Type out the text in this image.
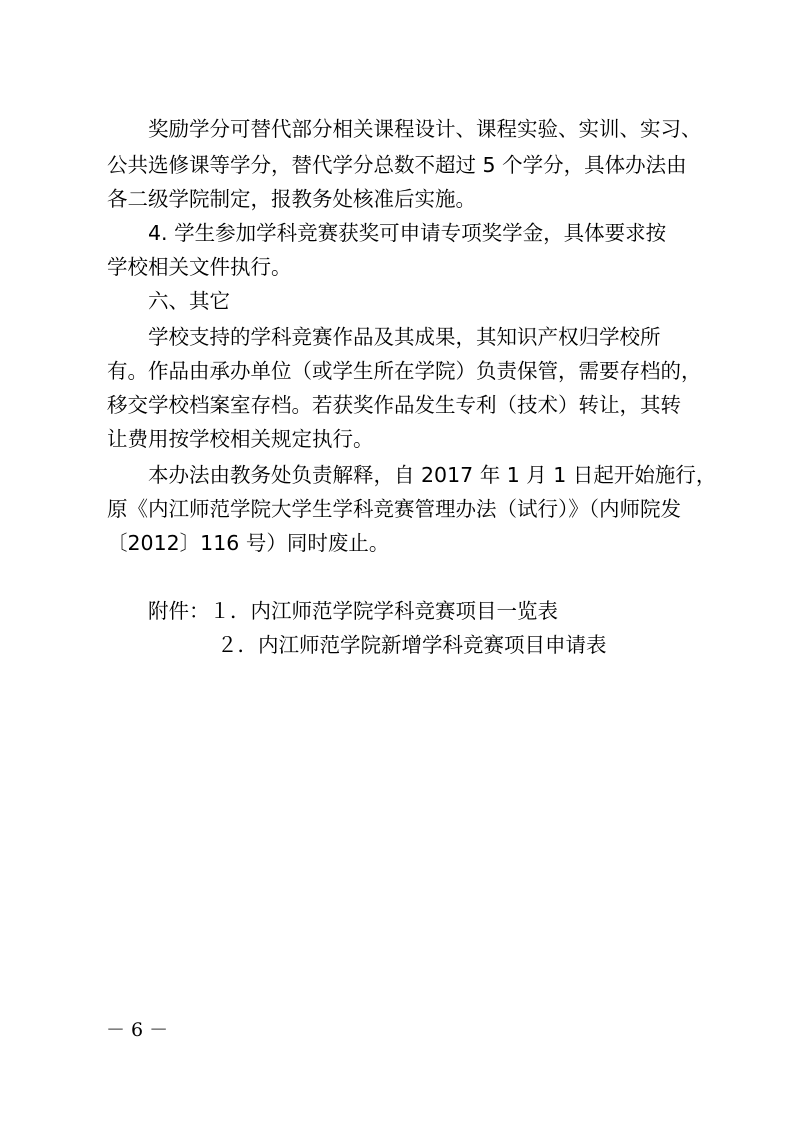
奖励学分可替代部分相关课程设计、课程实验、实训、实习、
公共选修课等学分，替代学分总数不超过 5 个学分，具体办法由
各二级学院制定，报教务处核准后实施。
4. 学生参加学科竞赛获奖可申请专项奖学金，具体要求按
学校相关文件执行。
六、其它
学校支持的学科竞赛作品及其成果，其知识产权归学校所
有。作品由承办单位（或学生所在学院）负责保管，需要存档的，
移交学校档案室存档。若获奖作品发生专利（技术）转让，其转
让费用按学校相关规定执行。
本办法由教务处负责解释，自 2017 年 1 月 1 日起开始施行，
原《内江师范学院大学生学科竞赛管理办法（试行）》（内师院发
〔2012〕116 号）同时废止。
附件：１．内江师范学院学科竞赛项目一览表
２．内江师范学院新增学科竞赛项目申请表
－ 6 －
